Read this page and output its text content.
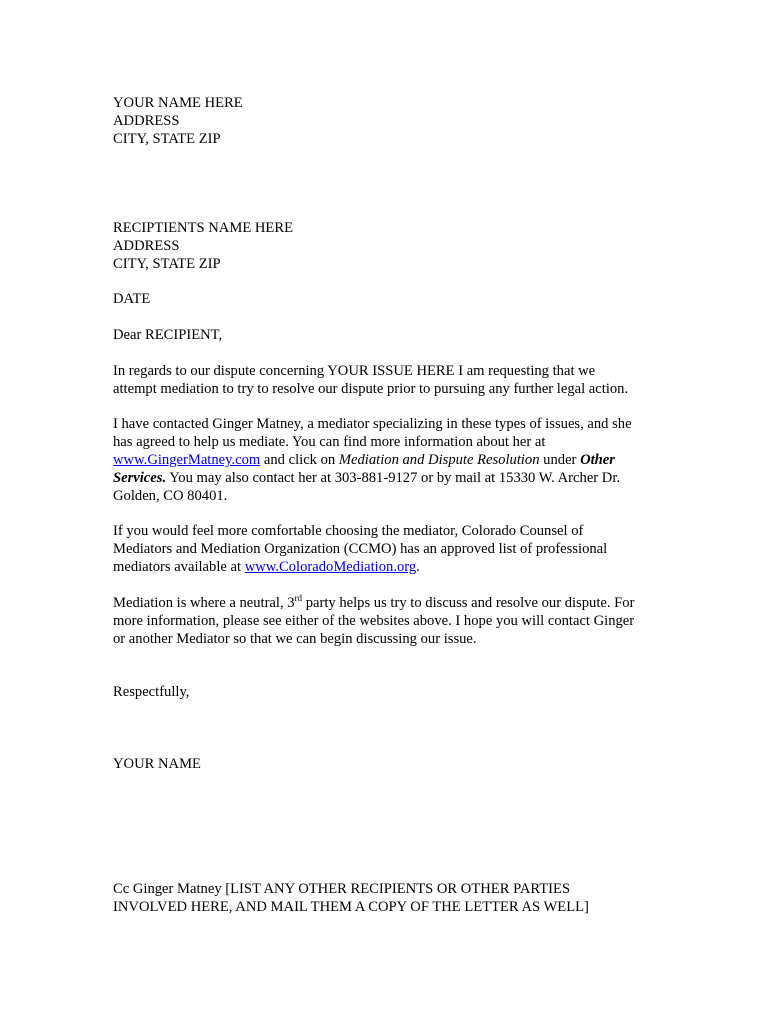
YOUR NAME HERE
ADDRESS
CITY, STATE ZIP
RECIPTIENTS NAME HERE
ADDRESS
CITY, STATE ZIP
DATE
Dear RECIPIENT,
In regards to our dispute concerning YOUR ISSUE HERE I am requesting that we
attempt mediation to try to resolve our dispute prior to pursuing any further legal action.
I have contacted Ginger Matney, a mediator specializing in these types of issues, and she
has agreed to help us mediate. You can find more information about her at
www.GingerMatney.com and click on Mediation and Dispute Resolution under Other
Services. You may also contact her at 303-881-9127 or by mail at 15330 W. Archer Dr.
Golden, CO 80401.
If you would feel more comfortable choosing the mediator, Colorado Counsel of
Mediators and Mediation Organization (CCMO) has an approved list of professional
mediators available at www.ColoradoMediation.org.
Mediation is where a neutral, 3rd party helps us try to discuss and resolve our dispute. For
more information, please see either of the websites above. I hope you will contact Ginger
or another Mediator so that we can begin discussing our issue.
Respectfully,
YOUR NAME
Cc Ginger Matney [LIST ANY OTHER RECIPIENTS OR OTHER PARTIES
INVOLVED HERE, AND MAIL THEM A COPY OF THE LETTER AS WELL]
